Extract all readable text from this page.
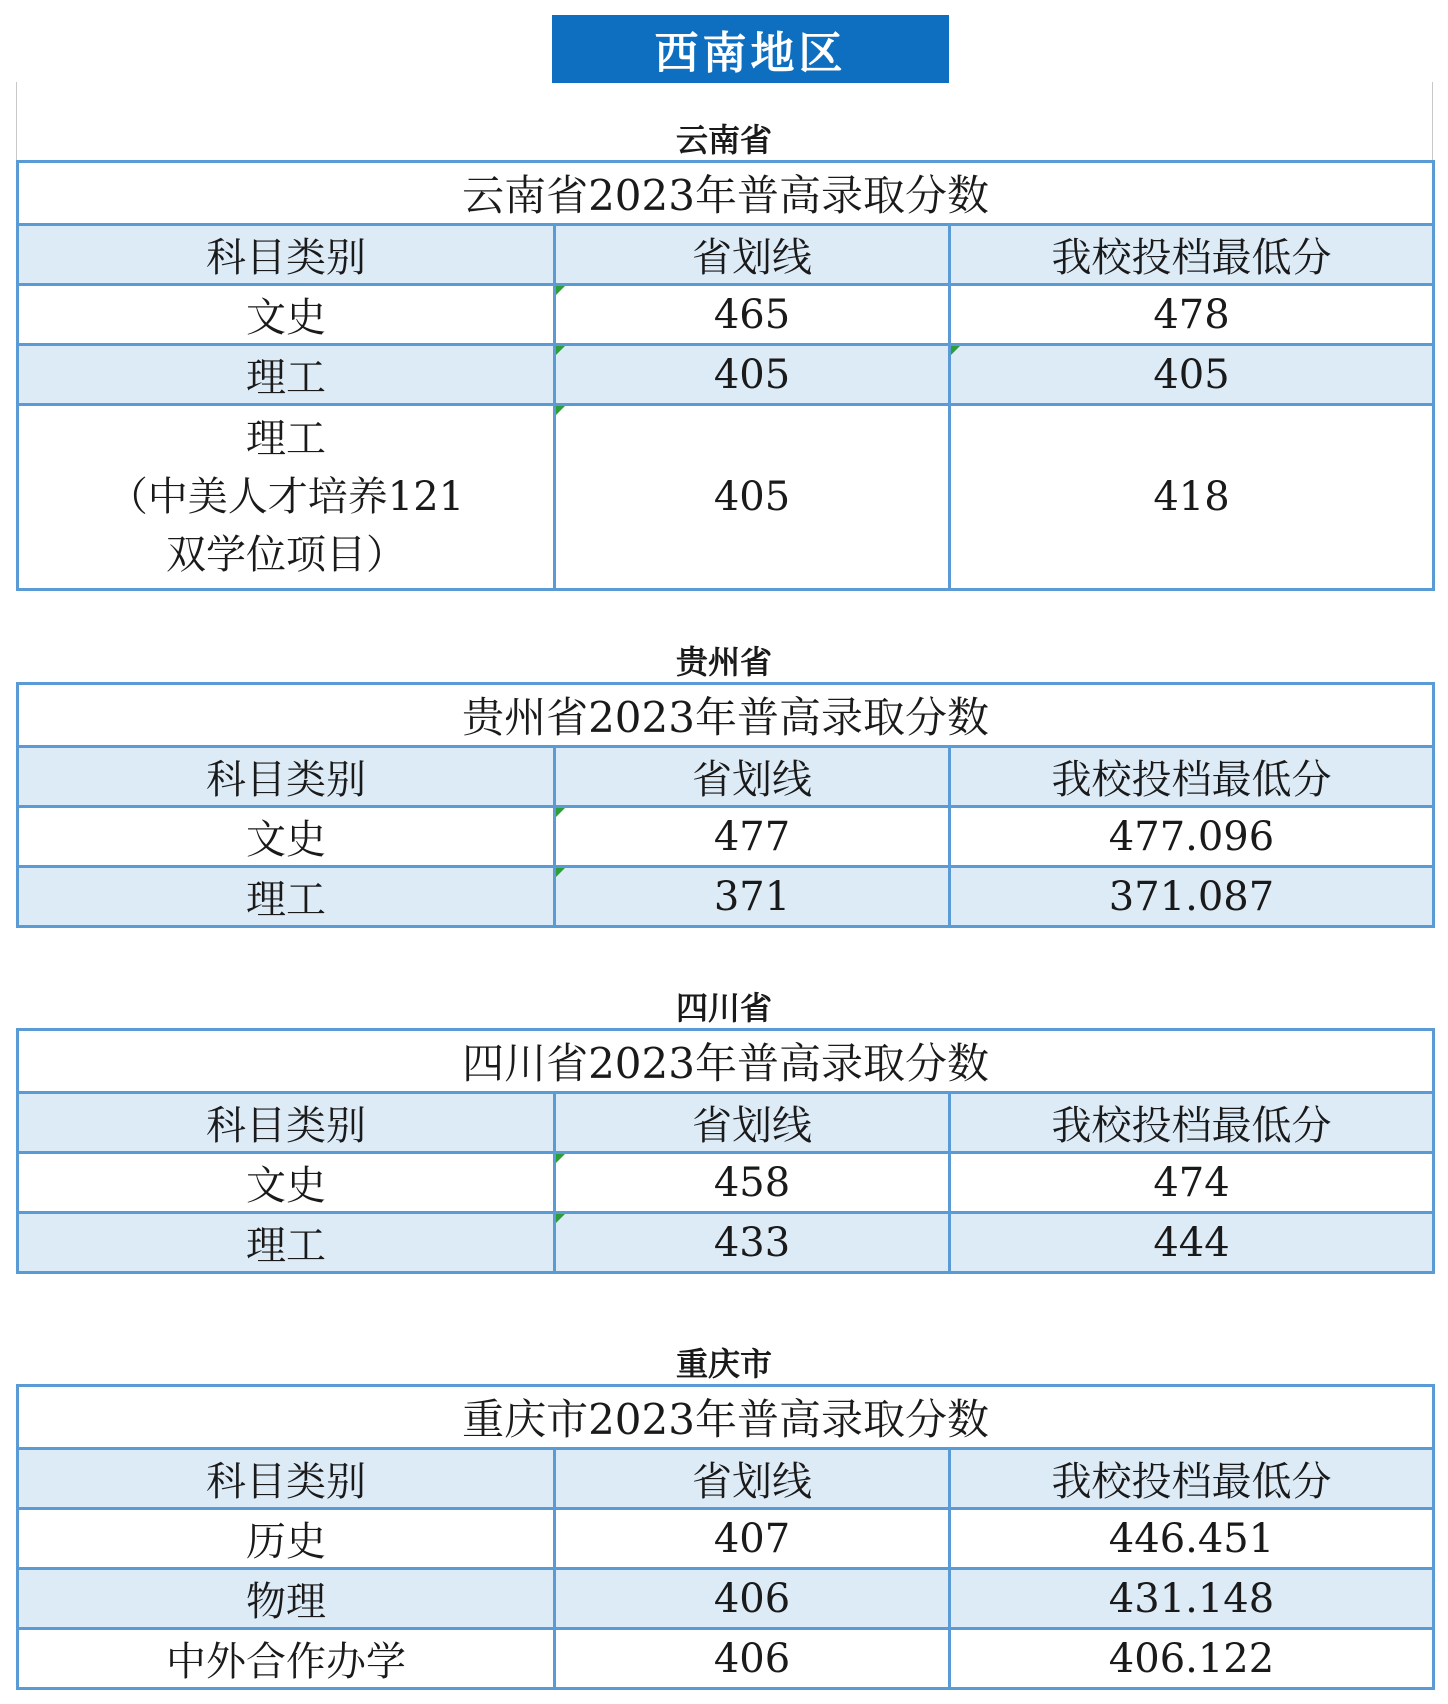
西南地区
云南省
云南省2023年普高录取分数		
科目类别	省划线	我校投档最低分
文史	465	478
理工	405	405

理工
（中美人才培养121
双学位项目）	405	418
贵州省
贵州省2023年普高录取分数		
科目类别	省划线	我校投档最低分
文史	477	477.096
理工	371	371.087
四川省
四川省2023年普高录取分数		
科目类别	省划线	我校投档最低分
文史	458	474
理工	433	444
重庆市
重庆市2023年普高录取分数		
科目类别	省划线	我校投档最低分
历史	407	446.451
物理	406	431.148
中外合作办学	406	406.122
